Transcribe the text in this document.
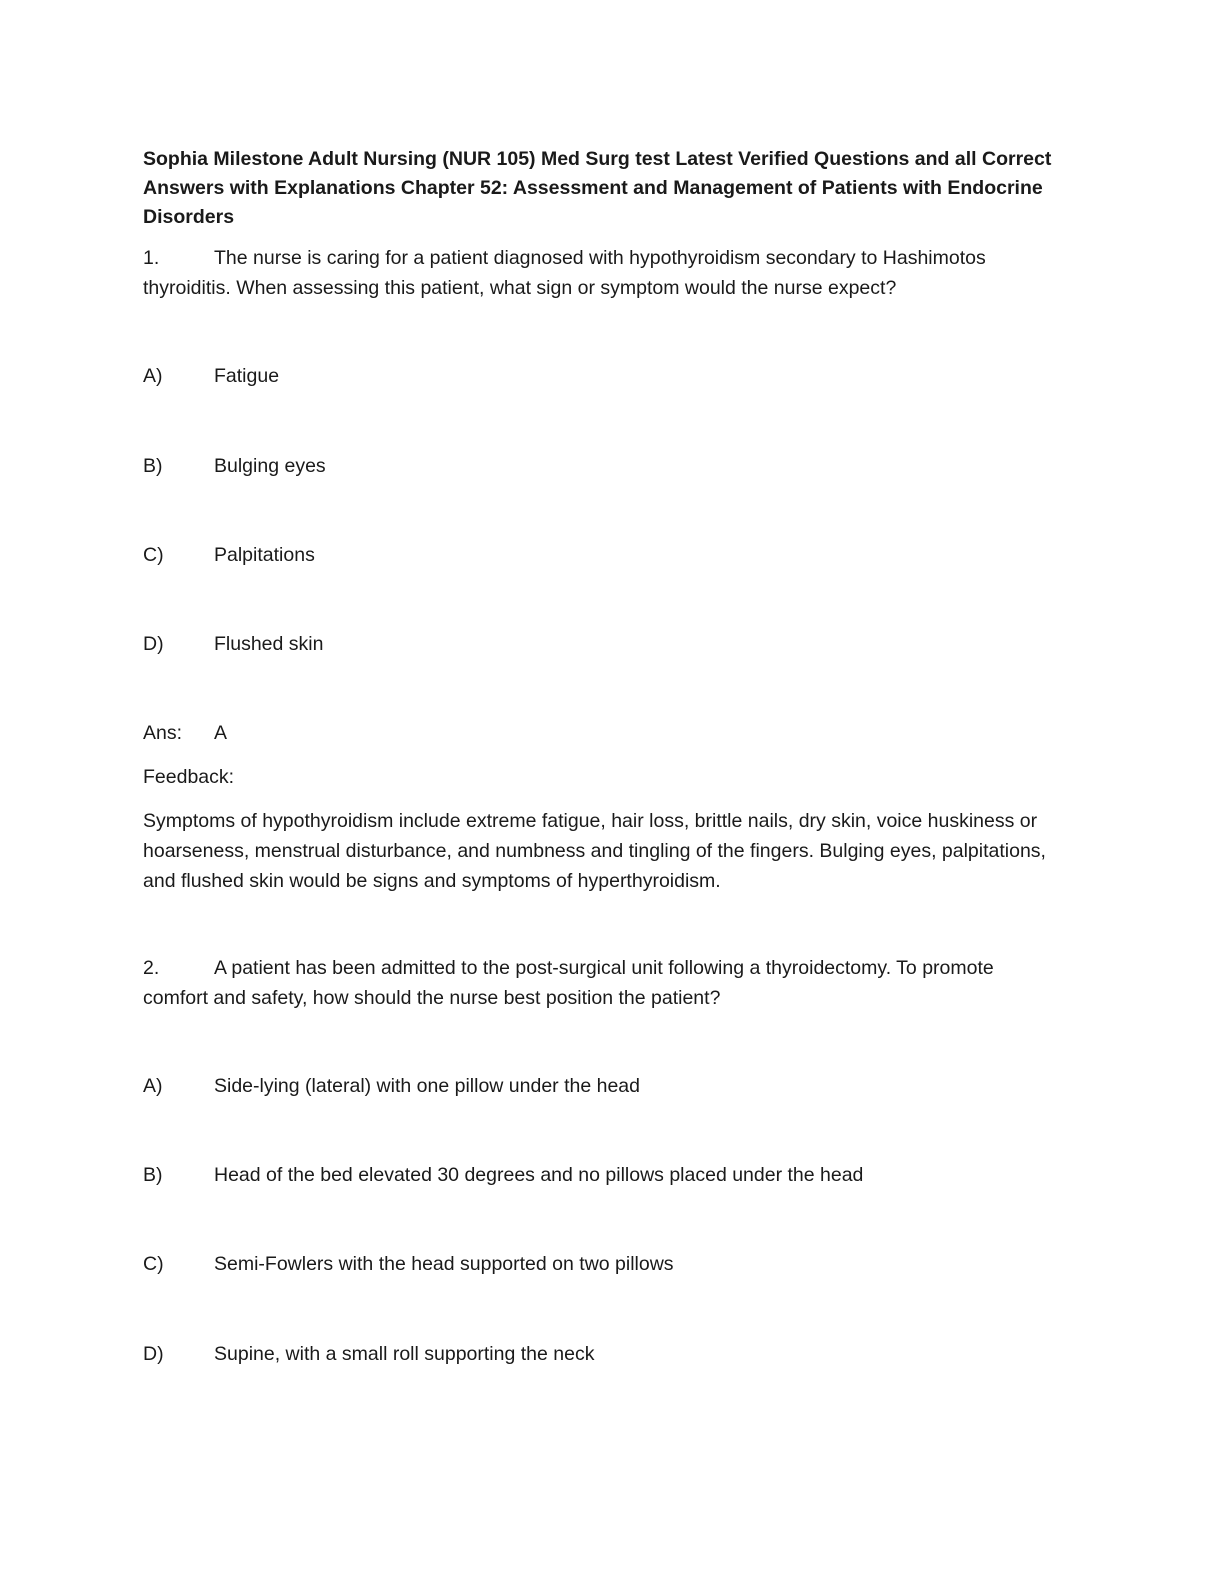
Sophia Milestone Adult Nursing (NUR 105) Med Surg test Latest Verified Questions and all Correct Answers with Explanations Chapter 52: Assessment and Management of Patients with Endocrine Disorders
1.	The nurse is caring for a patient diagnosed with hypothyroidism secondary to Hashimotos
thyroiditis. When assessing this patient, what sign or symptom would the nurse expect?
A)	Fatigue
B)	Bulging eyes
C)	Palpitations
D)	Flushed skin
Ans: A
Feedback:
Symptoms of hypothyroidism include extreme fatigue, hair loss, brittle nails, dry skin, voice huskiness or hoarseness, menstrual disturbance, and numbness and tingling of the fingers. Bulging eyes, palpitations, and flushed skin would be signs and symptoms of hyperthyroidism.
2.	A patient has been admitted to the post-surgical unit following a thyroidectomy. To promote
comfort and safety, how should the nurse best position the patient?
A)	Side-lying (lateral) with one pillow under the head
B)	Head of the bed elevated 30 degrees and no pillows placed under the head
C)	Semi-Fowlers with the head supported on two pillows
D)	Supine, with a small roll supporting the neck
